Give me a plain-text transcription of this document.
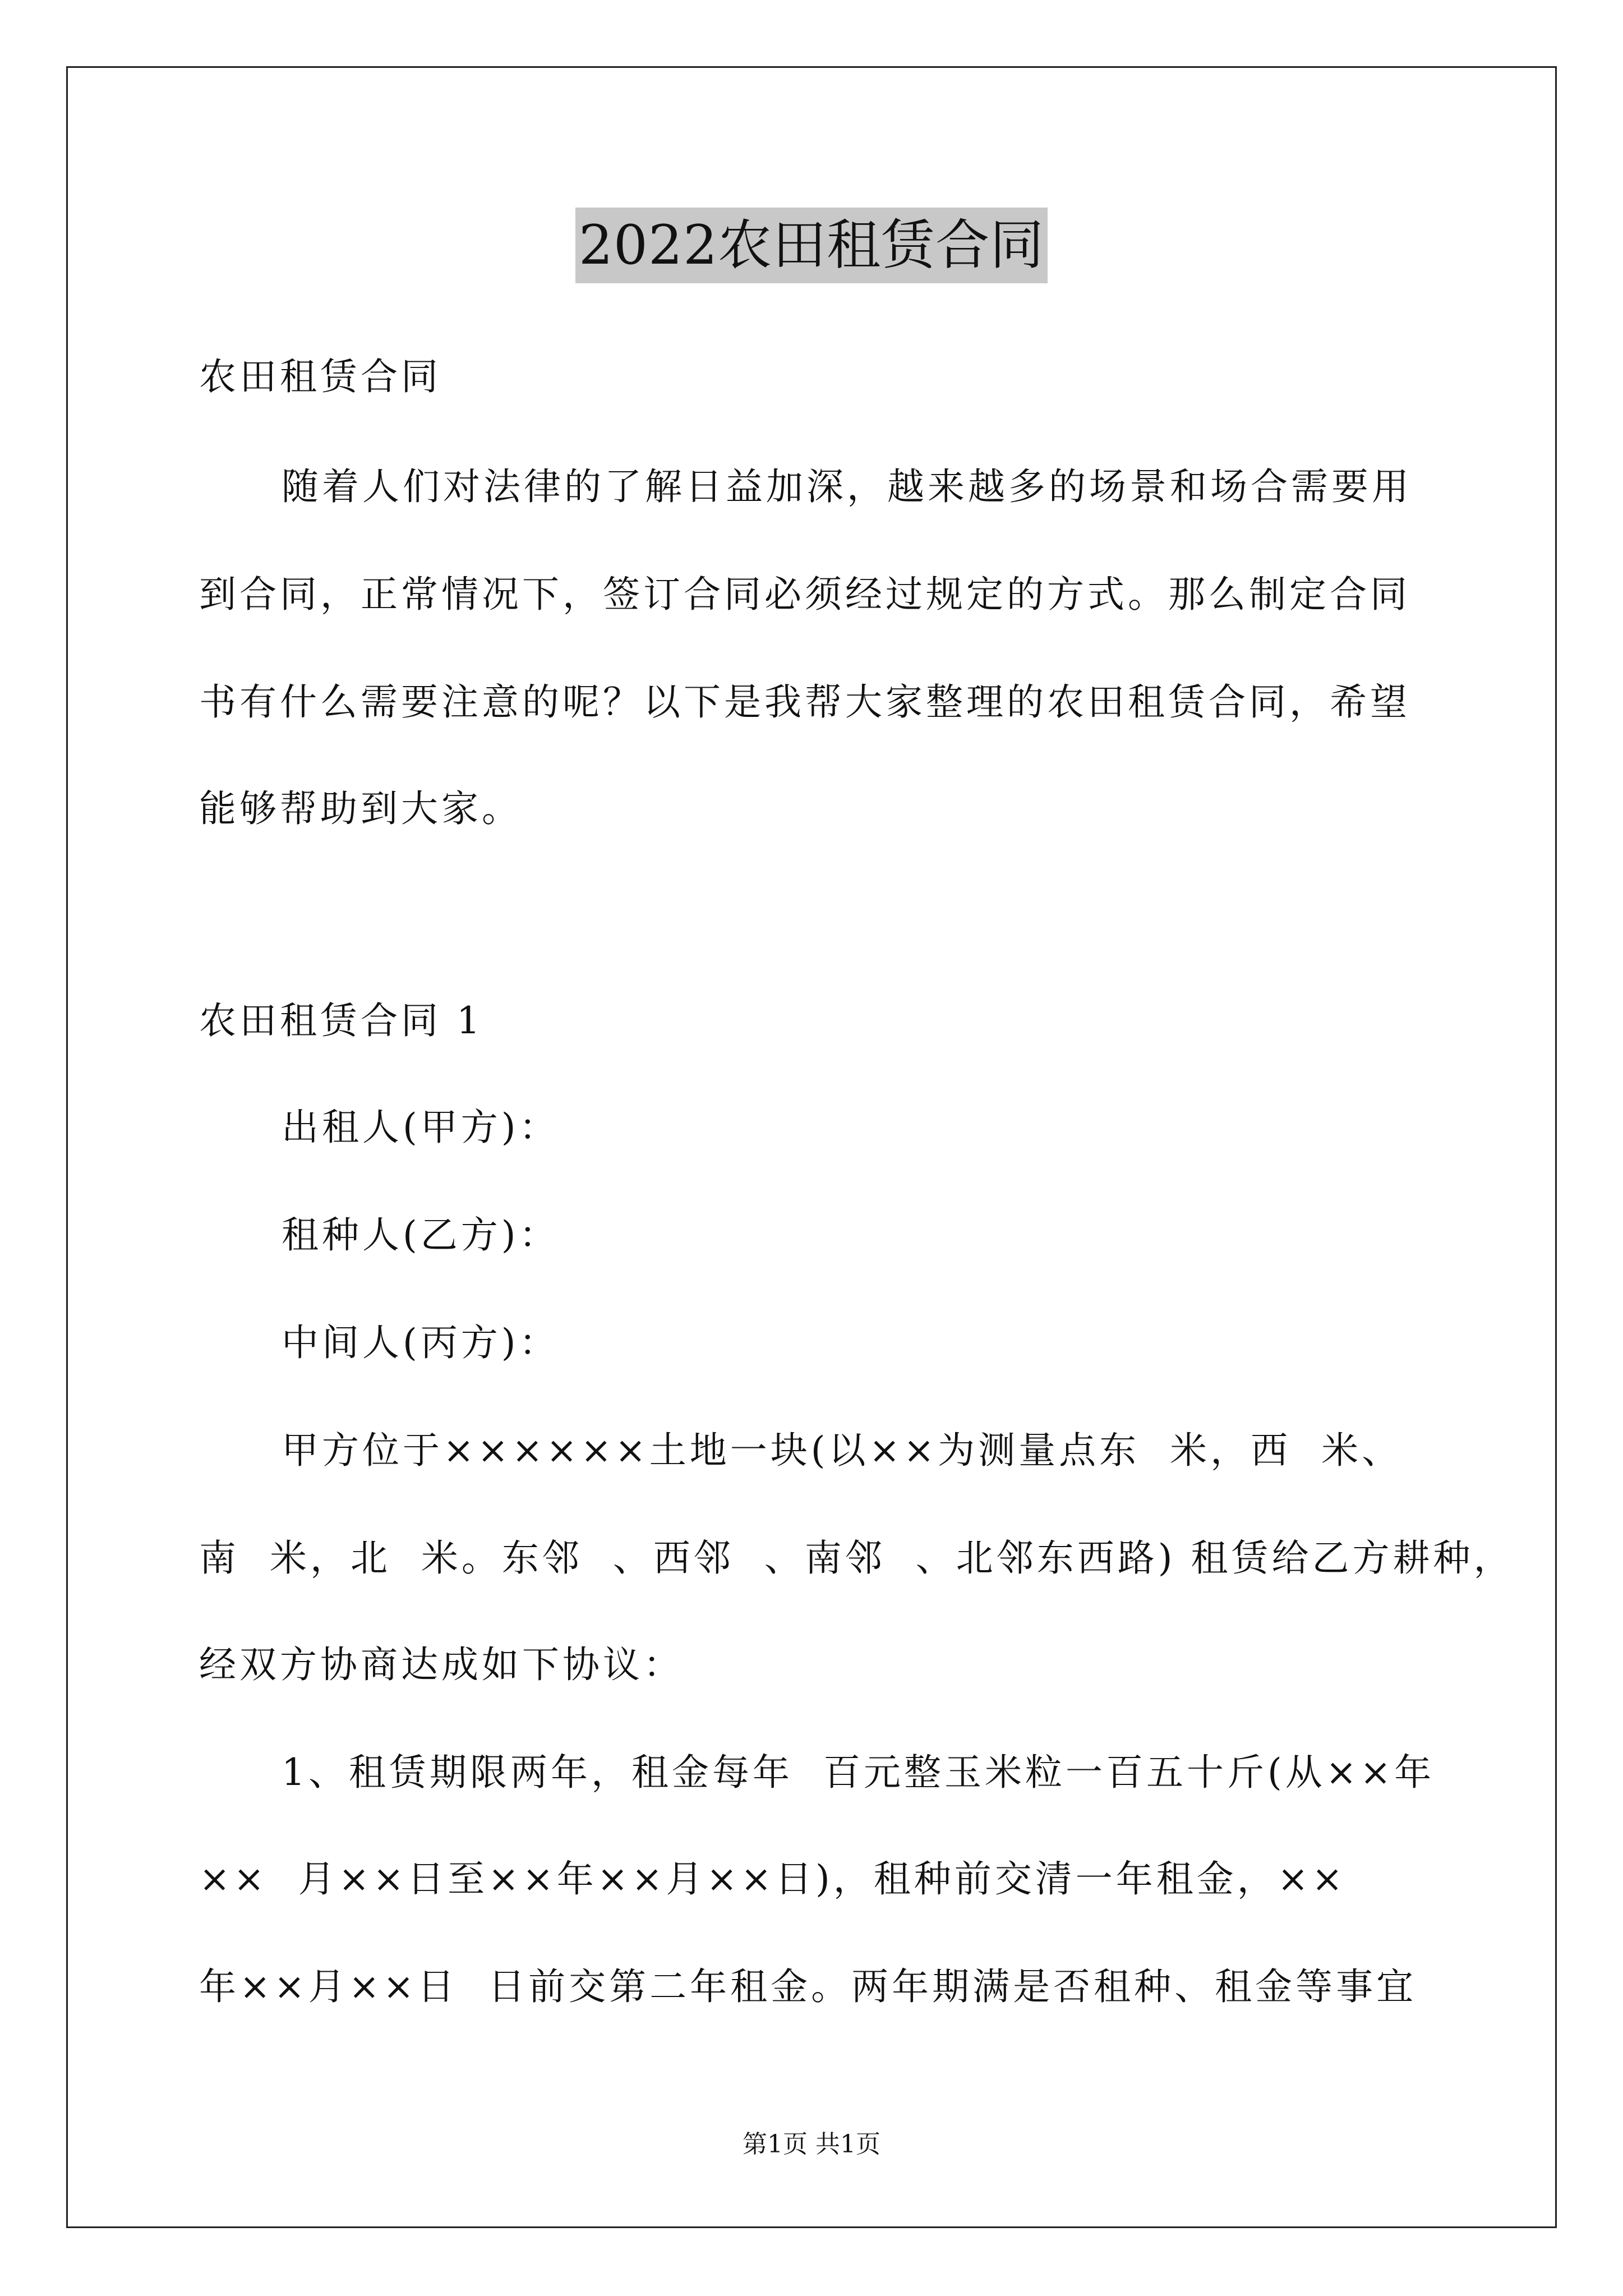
2022农田租赁合同
农田租赁合同
随着人们对法律的了解日益加深，越来越多的场景和场合需要用
到合同，正常情况下，签订合同必须经过规定的方式。那么制定合同
书有什么需要注意的呢？以下是我帮大家整理的农田租赁合同，希望
能够帮助到大家。
农田租赁合同 1
出租人(甲方)：
租种人(乙方)：
中间人(丙方)：
甲方位于××××××土地一块(以××为测量点东  米，西  米、
南  米，北  米。东邻  、西邻  、南邻  、北邻东西路) 租赁给乙方耕种，
经双方协商达成如下协议：
1、租赁期限两年，租金每年  百元整玉米粒一百五十斤(从××年
××  月××日至××年××月××日)，租种前交清一年租金，××
年××月××日  日前交第二年租金。两年期满是否租种、租金等事宜
第1页 共1页
